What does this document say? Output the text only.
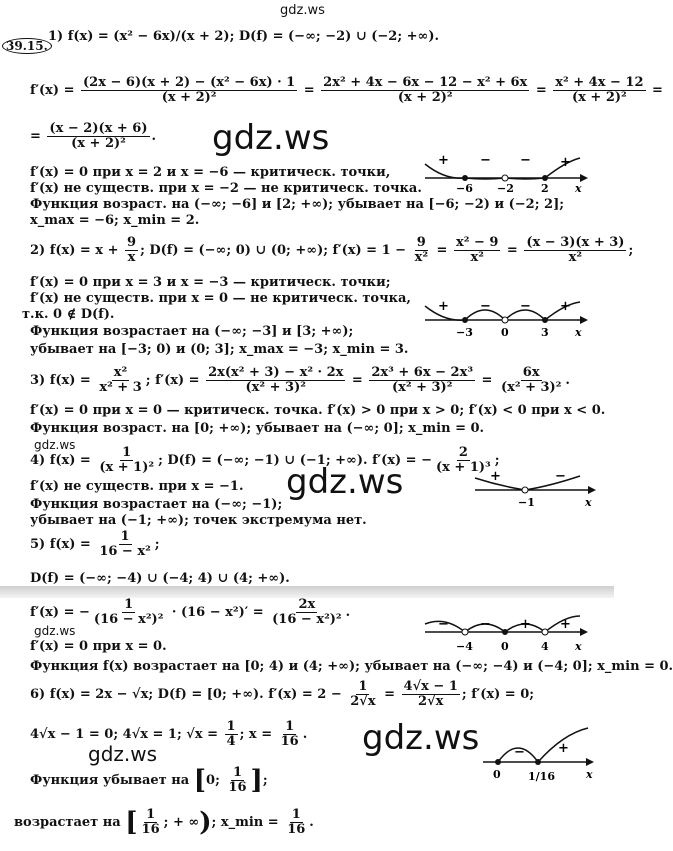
gdz.ws
39.15.
1) f(x) = (x² − 6x)/(x + 2); D(f) = (−∞; −2) ∪ (−2; +∞).
$f'(x) = \frac{\text{(2x − 6)(x + 2) − (x² − 6x) · 1}}{\text{(x + 2)²}} = \frac{\text{2x² + 4x − 6x − 12 − x² + 6x}}{\text{(x + 2)²}} = \frac{\text{x² + 4x − 12}}{\text{(x + 2)²}}$ =
= $\frac{(x - 2)(x + 6)}{\text{(x + 2)²}}$ . gdz.ws
f′(x) = 0 при x = 2 и x = −6 — критическ. точки,
f′(x) не существ. при x = −2 — не критическ. точка.
Функция возраст. на (−∞; −6] и [2; +∞); убывает на [−6; −2) и (−2; 2];
x_max = −6; x_min = 2.
+ − − +
−6 −2 2 x
2) $f(x) = x + \frac{9}{x}$ ; D(f) = (−∞; 0) ∪ (0; +∞); $f'(x) = 1 - \frac{9}{\text{x²}} = \frac{\text{x² − 9}}{\text{x²}} = \frac{(x - 3)(x + 3)}{\text{x²}}$ ;
f′(x) = 0 при x = 3 и x = −3 — критическ. точки;
f′(x) не существ. при x = 0 — не критическ. точка,
т.к. 0 ∉ D(f).
Функция возрастает на (−∞; −3] и [3; +∞);
убывает на [−3; 0) и (0; 3]; x_max = −3; x_min = 3.
+ − − +
−3	0	3 x
3) $f(x) = \frac{\text{x²}}{\text{x² + 3}}$ ; $f'(x) = \frac{\text{2x(x² + 3) − x² · 2x}}{\text{(x² + 3)²}} = \frac{\text{2x³ + 6x − 2x³}}{\text{(x² + 3)²}} = \frac{6x}{\text{(x² + 3)²}}$ .
f′(x) = 0 при x = 0 — критическ. точка. f′(x) > 0 при x > 0; f′(x) < 0 при x < 0.
Функция возраст. на [0; +∞); убывает на (−∞; 0]; x_min = 0.
gdz.ws
4) $f(x) = \frac{1}{\text{(x + 1)²}}$ ; D(f) = (−∞; −1) ∪ (−1; +∞). f′(x) = − $\frac{2}{\text{(x + 1)³}}$ ;
gdz.ws
f′(x) не существ. при x = −1.
Функция возрастает на (−∞; −1);
убывает на (−1; +∞); точек экстремума нет.
+	−
−1	x
5) $f(x) = \frac{1}{\text{16 − x²}}$ ;
D(f) = (−∞; −4) ∪ (−4; 4) ∪ (4; +∞).
f′(x) = − $\frac{1}{\text{(16 − x²)²}} \cdot (16 - x^2)' = \frac{2x}{\text{(16 − x²)²}}$ .
gdz.ws
f′(x) = 0 при x = 0.
Функция f(x) возрастает на [0; 4) и (4; +∞); убывает на (−∞; −4) и (−4; 0]; x_min = 0.
− − + +
−4	0	4 x
6) f(x) = 2x − √x; D(f) = [0; +∞). $f'(x) = 2 - \frac{1}{2√x} = \frac{4√x - 1}{2√x}$ ; f′(x) = 0;
4√x − 1 = 0; 4√x = 1; $√x = \frac{1}{4}$ ; $x = \frac{1}{16}$ .
gdz.ws	gdz.ws
Функция убывает на [0; $\frac{1}{16}$ ];
возрастает на [ $\frac{1}{16}$ ; + ∞); x_min = $\frac{1}{16}$ .
−	+
0 1/16	x
